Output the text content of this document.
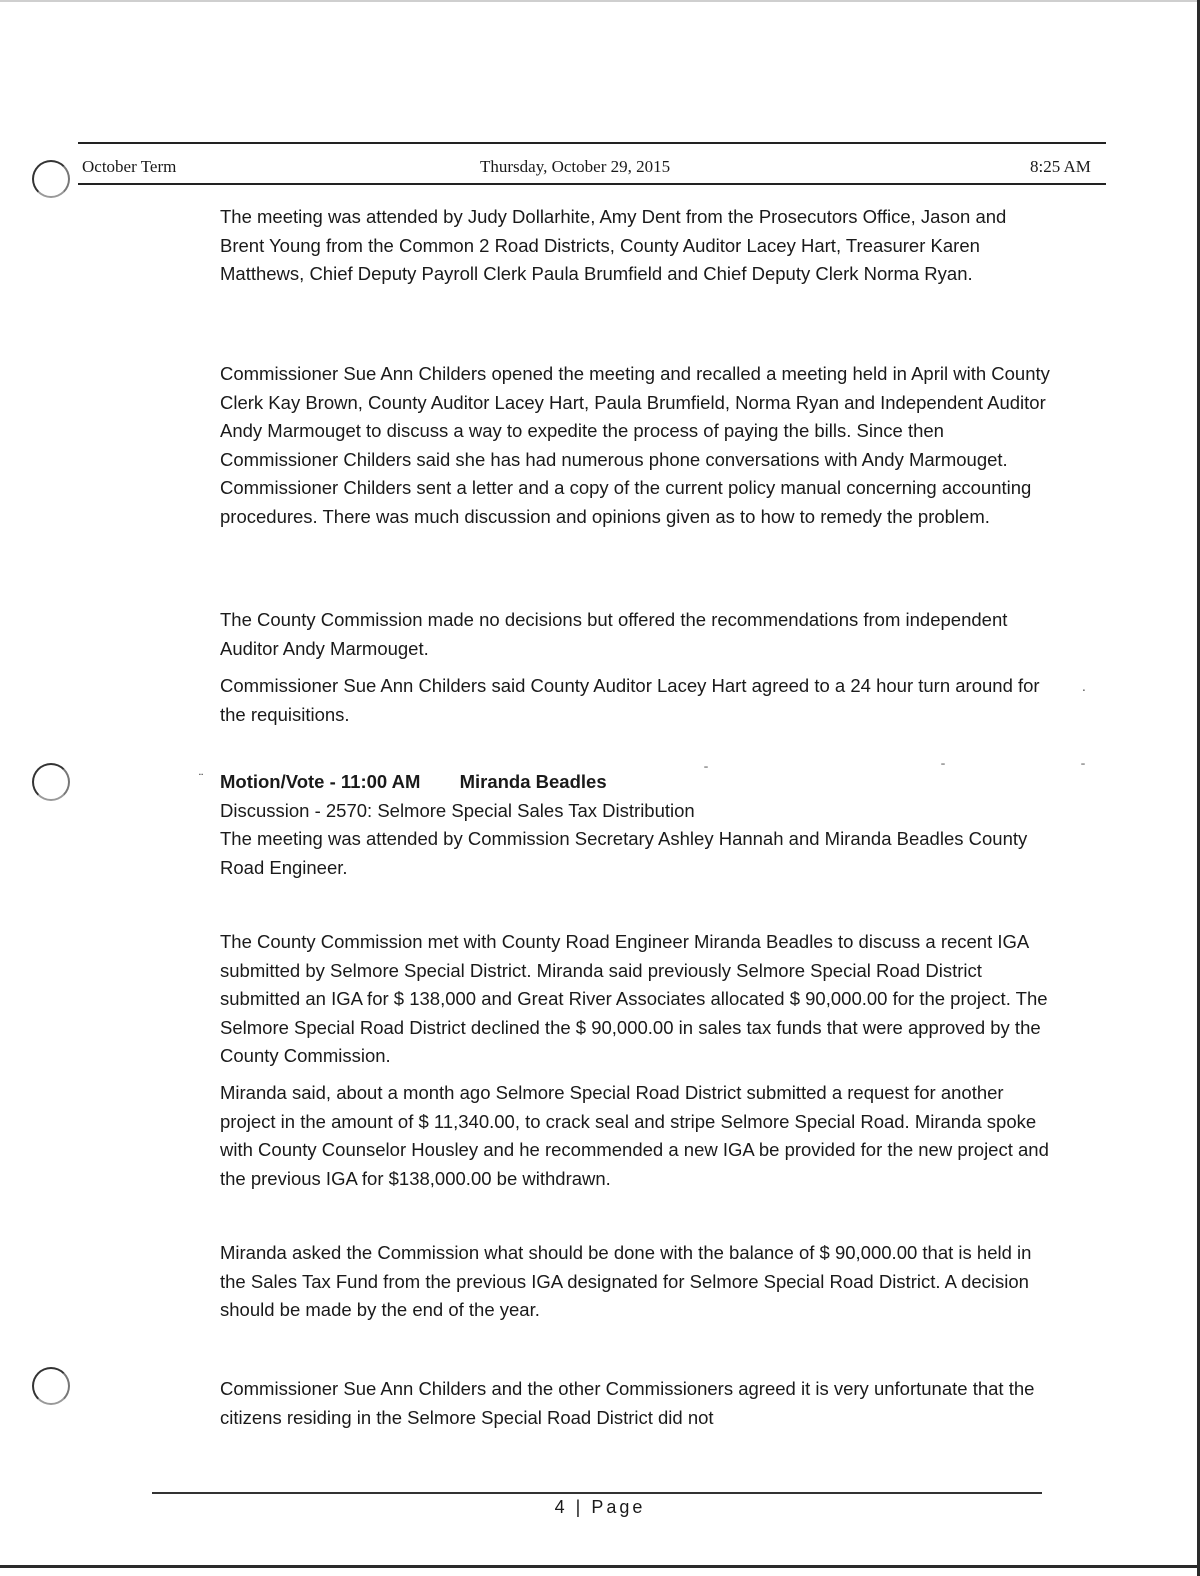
October Term	Thursday, October 29, 2015	8:25 AM

The meeting was attended by Judy Dollarhite, Amy Dent from the Prosecutors Office, Jason and Brent Young from the Common 2 Road Districts, County Auditor Lacey Hart, Treasurer Karen Matthews, Chief Deputy Payroll Clerk Paula Brumfield and Chief Deputy Clerk Norma Ryan.

Commissioner Sue Ann Childers opened the meeting and recalled a meeting held in April with County Clerk Kay Brown, County Auditor Lacey Hart, Paula Brumfield, Norma Ryan and Independent Auditor Andy Marmouget to discuss a way to expedite the process of paying the bills. Since then Commissioner Childers said she has had numerous phone conversations with Andy Marmouget. Commissioner Childers sent a letter and a copy of the current policy manual concerning accounting procedures. There was much discussion and opinions given as to how to remedy the problem.

The County Commission made no decisions but offered the recommendations from independent Auditor Andy Marmouget.

Commissioner Sue Ann Childers said County Auditor Lacey Hart agreed to a 24 hour turn around for the requisitions.

.
¨ Motion/Vote - 11:00 AM Miranda Beadles

Discussion - 2570: Selmore Special Sales Tax Distribution

The meeting was attended by Commission Secretary Ashley Hannah and Miranda Beadles County Road Engineer.

ˉ	ˉ	ˉ

The County Commission met with County Road Engineer Miranda Beadles to discuss a recent IGA submitted by Selmore Special District. Miranda said previously Selmore Special Road District submitted an IGA for $ 138,000 and Great River Associates allocated $ 90,000.00 for the project. The Selmore Special Road District declined the $ 90,000.00 in sales tax funds that were approved by the County Commission.

Miranda said, about a month ago Selmore Special Road District submitted a request for another project in the amount of $ 11,340.00, to crack seal and stripe Selmore Special Road. Miranda spoke with County Counselor Housley and he recommended a new IGA be provided for the new project and the previous IGA for $138,000.00 be withdrawn.

Miranda asked the Commission what should be done with the balance of $ 90,000.00 that is held in the Sales Tax Fund from the previous IGA designated for Selmore Special Road District. A decision should be made by the end of the year.

Commissioner Sue Ann Childers and the other Commissioners agreed it is very unfortunate that the citizens residing in the Selmore Special Road District did not

4 | Page
